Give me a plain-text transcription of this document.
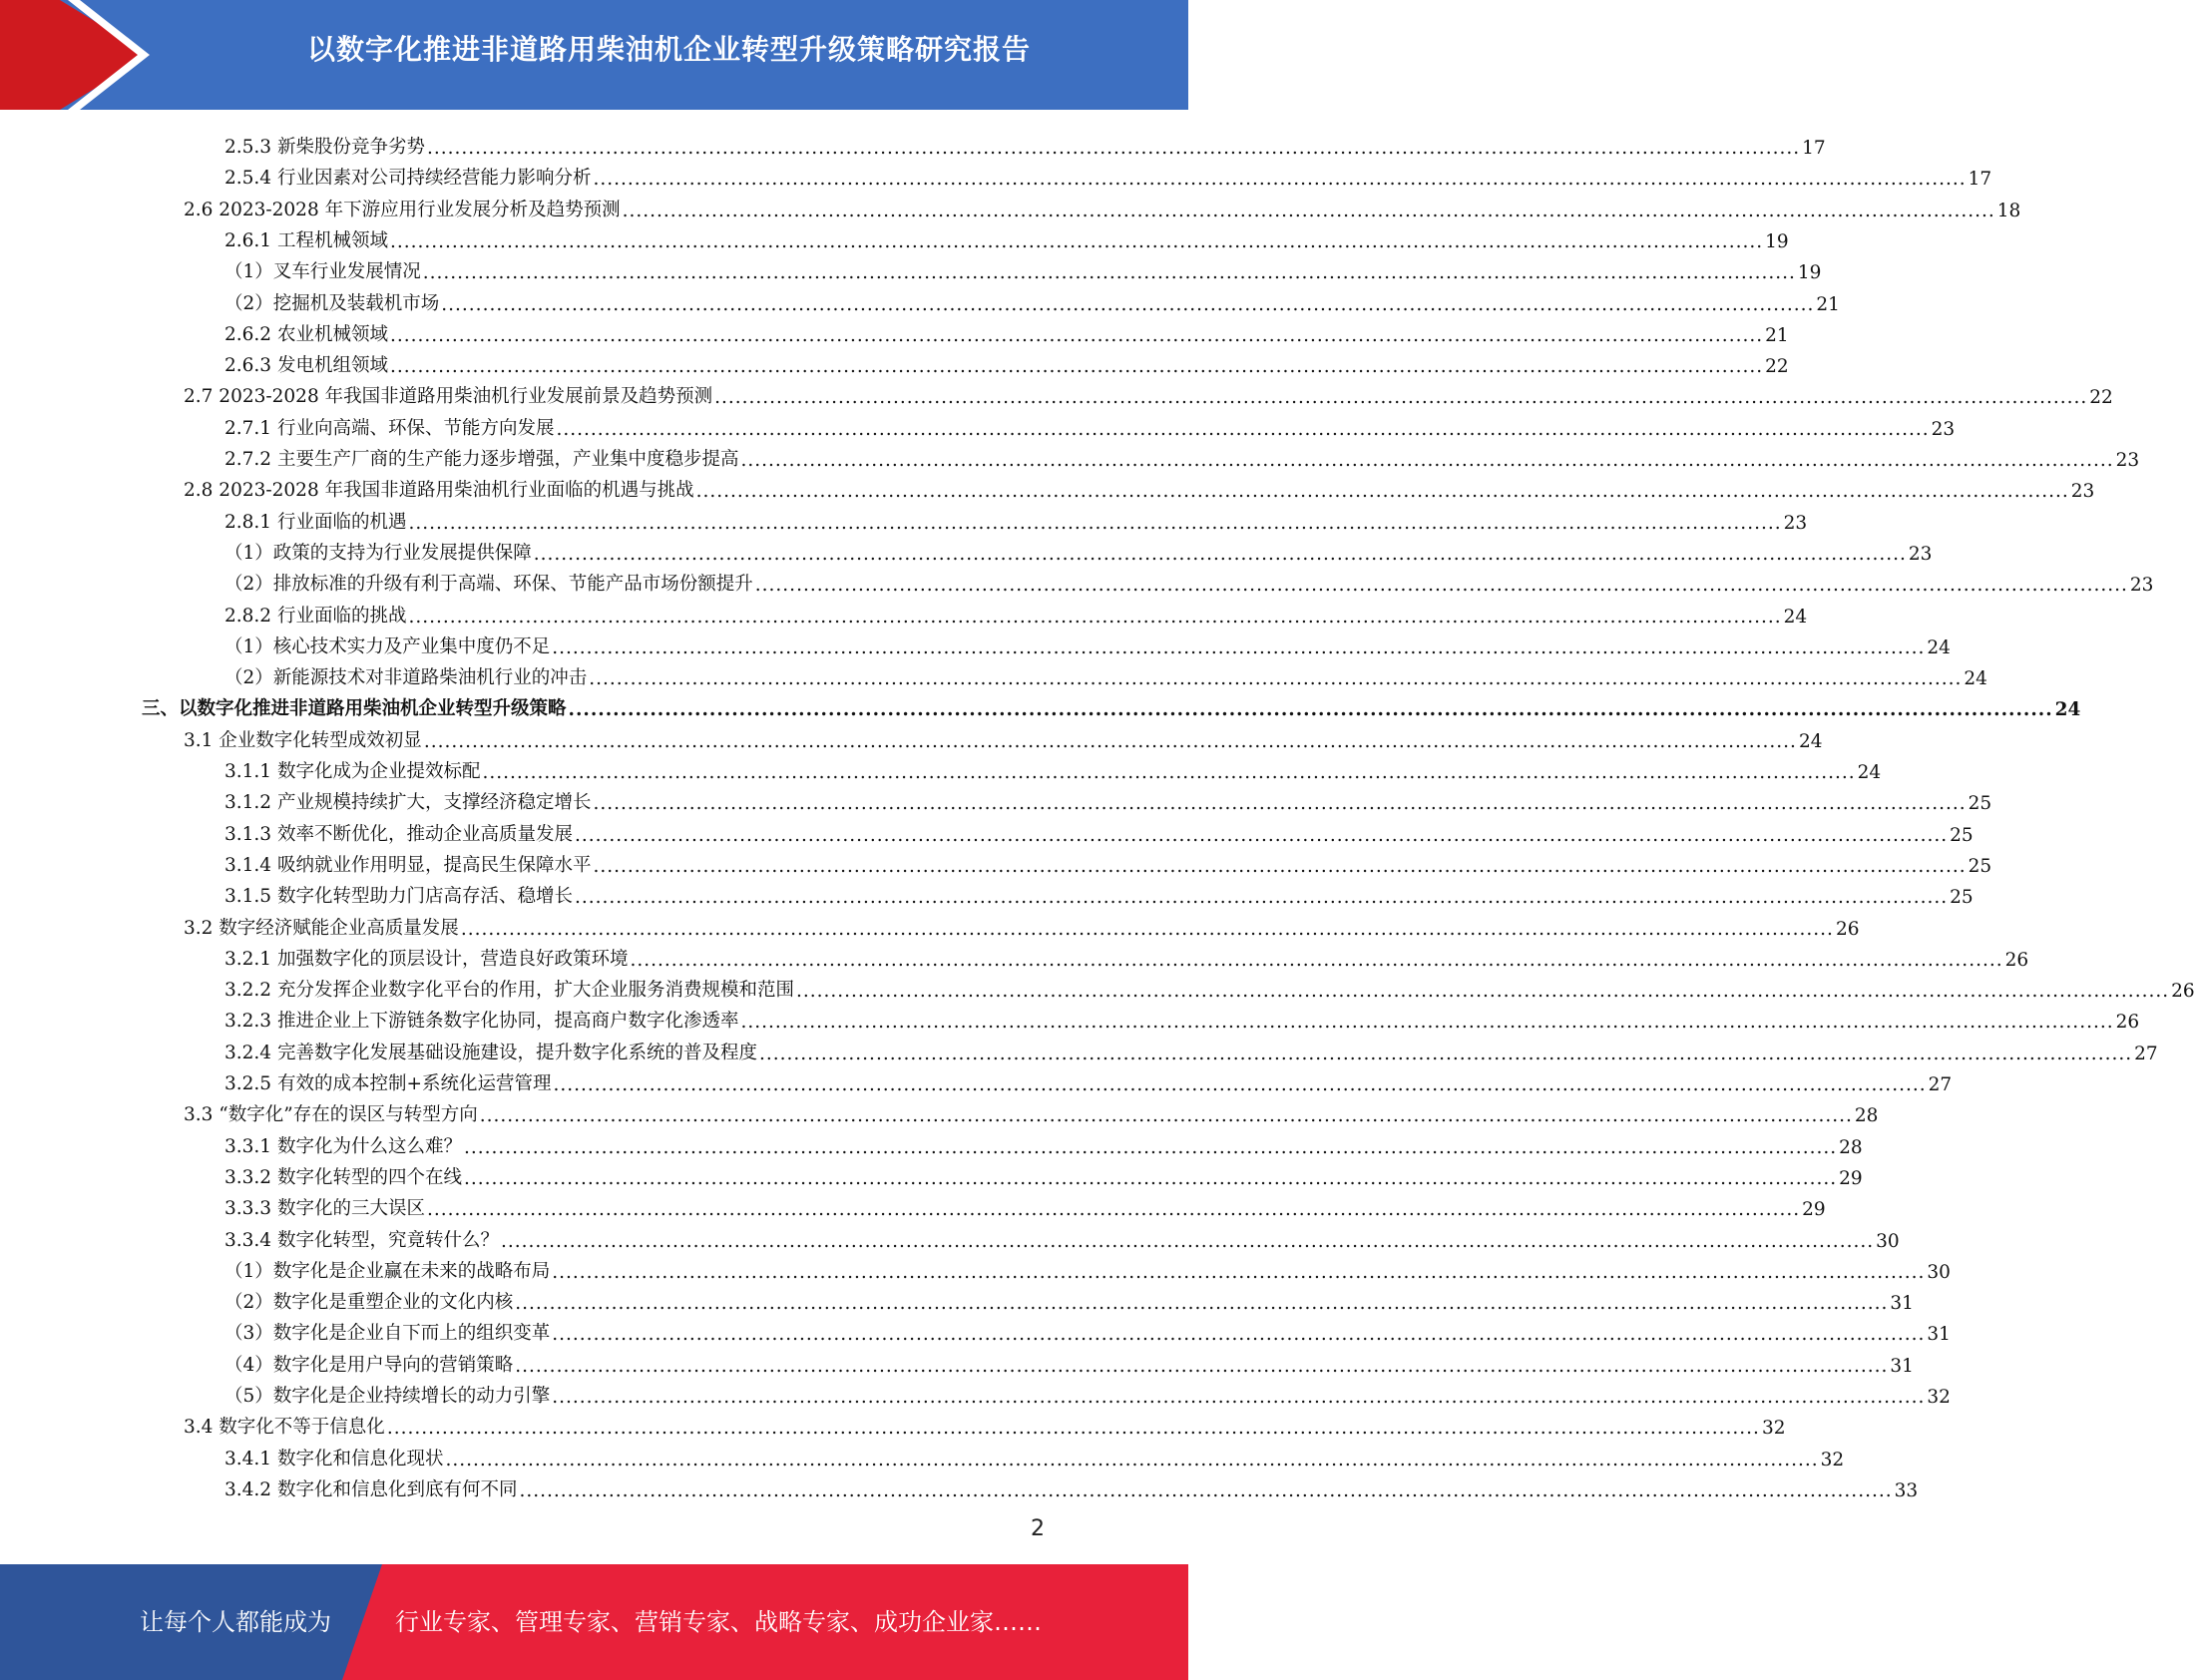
以数字化推进非道路用柴油机企业转型升级策略研究报告
2.5.3 新柴股份竞争劣势 ........................................................................................................................................................................................................ 17
2.5.4 行业因素对公司持续经营能力影响分析 ........................................................................................................................................................................................................ 17
2.6 2023-2028 年下游应用行业发展分析及趋势预测 ........................................................................................................................................................................................................ 18
2.6.1 工程机械领域 ........................................................................................................................................................................................................ 19
（1）叉车行业发展情况 ........................................................................................................................................................................................................ 19
（2）挖掘机及装载机市场 ........................................................................................................................................................................................................ 21
2.6.2 农业机械领域 ........................................................................................................................................................................................................ 21
2.6.3 发电机组领域 ........................................................................................................................................................................................................ 22
2.7 2023-2028 年我国非道路用柴油机行业发展前景及趋势预测 ........................................................................................................................................................................................................ 22
2.7.1 行业向高端、环保、节能方向发展 ........................................................................................................................................................................................................ 23
2.7.2 主要生产厂商的生产能力逐步增强，产业集中度稳步提高 ........................................................................................................................................................................................................ 23
2.8 2023-2028 年我国非道路用柴油机行业面临的机遇与挑战 ........................................................................................................................................................................................................ 23
2.8.1 行业面临的机遇 ........................................................................................................................................................................................................ 23
（1）政策的支持为行业发展提供保障 ........................................................................................................................................................................................................ 23
（2）排放标准的升级有利于高端、环保、节能产品市场份额提升 ........................................................................................................................................................................................................ 23
2.8.2 行业面临的挑战 ........................................................................................................................................................................................................ 24
（1）核心技术实力及产业集中度仍不足 ........................................................................................................................................................................................................ 24
（2）新能源技术对非道路柴油机行业的冲击 ........................................................................................................................................................................................................ 24
三、以数字化推进非道路用柴油机企业转型升级策略 ........................................................................................................................................................................................................ 24
3.1 企业数字化转型成效初显 ........................................................................................................................................................................................................ 24
3.1.1 数字化成为企业提效标配 ........................................................................................................................................................................................................ 24
3.1.2 产业规模持续扩大，支撑经济稳定增长 ........................................................................................................................................................................................................ 25
3.1.3 效率不断优化，推动企业高质量发展 ........................................................................................................................................................................................................ 25
3.1.4 吸纳就业作用明显，提高民生保障水平 ........................................................................................................................................................................................................ 25
3.1.5 数字化转型助力门店高存活、稳增长 ........................................................................................................................................................................................................ 25
3.2 数字经济赋能企业高质量发展 ........................................................................................................................................................................................................ 26
3.2.1 加强数字化的顶层设计，营造良好政策环境 ........................................................................................................................................................................................................ 26
3.2.2 充分发挥企业数字化平台的作用，扩大企业服务消费规模和范围 ........................................................................................................................................................................................................ 26
3.2.3 推进企业上下游链条数字化协同，提高商户数字化渗透率 ........................................................................................................................................................................................................ 26
3.2.4 完善数字化发展基础设施建设，提升数字化系统的普及程度 ........................................................................................................................................................................................................ 27
3.2.5 有效的成本控制+系统化运营管理 ........................................................................................................................................................................................................ 27
3.3 “数字化”存在的误区与转型方向 ........................................................................................................................................................................................................ 28
3.3.1 数字化为什么这么难？ ........................................................................................................................................................................................................ 28
3.3.2 数字化转型的四个在线 ........................................................................................................................................................................................................ 29
3.3.3 数字化的三大误区 ........................................................................................................................................................................................................ 29
3.3.4 数字化转型，究竟转什么？ ........................................................................................................................................................................................................ 30
（1）数字化是企业赢在未来的战略布局 ........................................................................................................................................................................................................ 30
（2）数字化是重塑企业的文化内核 ........................................................................................................................................................................................................ 31
（3）数字化是企业自下而上的组织变革 ........................................................................................................................................................................................................ 31
（4）数字化是用户导向的营销策略 ........................................................................................................................................................................................................ 31
（5）数字化是企业持续增长的动力引擎 ........................................................................................................................................................................................................ 32
3.4 数字化不等于信息化 ........................................................................................................................................................................................................ 32
3.4.1 数字化和信息化现状 ........................................................................................................................................................................................................ 32
3.4.2 数字化和信息化到底有何不同 ........................................................................................................................................................................................................ 33
2
让每个人都能成为	行业专家、管理专家、营销专家、战略专家、成功企业家……
